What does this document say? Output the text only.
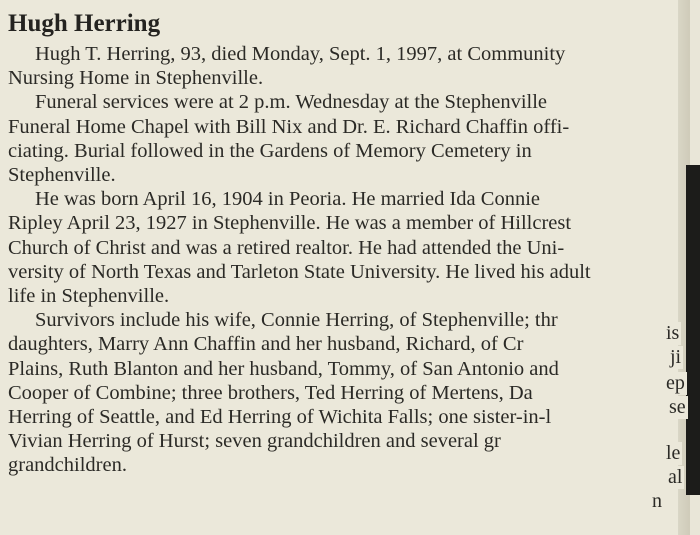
Hugh Herring
Hugh T. Herring, 93, died Monday, Sept. 1, 1997, at Community
Nursing Home in Stephenville.
Funeral services were at 2 p.m. Wednesday at the Stephenville
Funeral Home Chapel with Bill Nix and Dr. E. Richard Chaffin offi-
ciating. Burial followed in the Gardens of Memory Cemetery in
Stephenville.
He was born April 16, 1904 in Peoria. He married Ida Connie
Ripley April 23, 1927 in Stephenville. He was a member of Hillcrest
Church of Christ and was a retired realtor. He had attended the Uni-
versity of North Texas and Tarleton State University. He lived his adult
life in Stephenville.
Survivors include his wife, Connie Herring, of Stephenville; thr
daughters, Marry Ann Chaffin and her husband, Richard, of Cr
Plains, Ruth Blanton and her husband, Tommy, of San Antonio and
Cooper of Combine; three brothers, Ted Herring of Mertens, Da
Herring of Seattle, and Ed Herring of Wichita Falls; one sister-in-l
Vivian Herring of Hurst; seven grandchildren and several gr
grandchildren.
is
ji
ep
se
le
al
n
